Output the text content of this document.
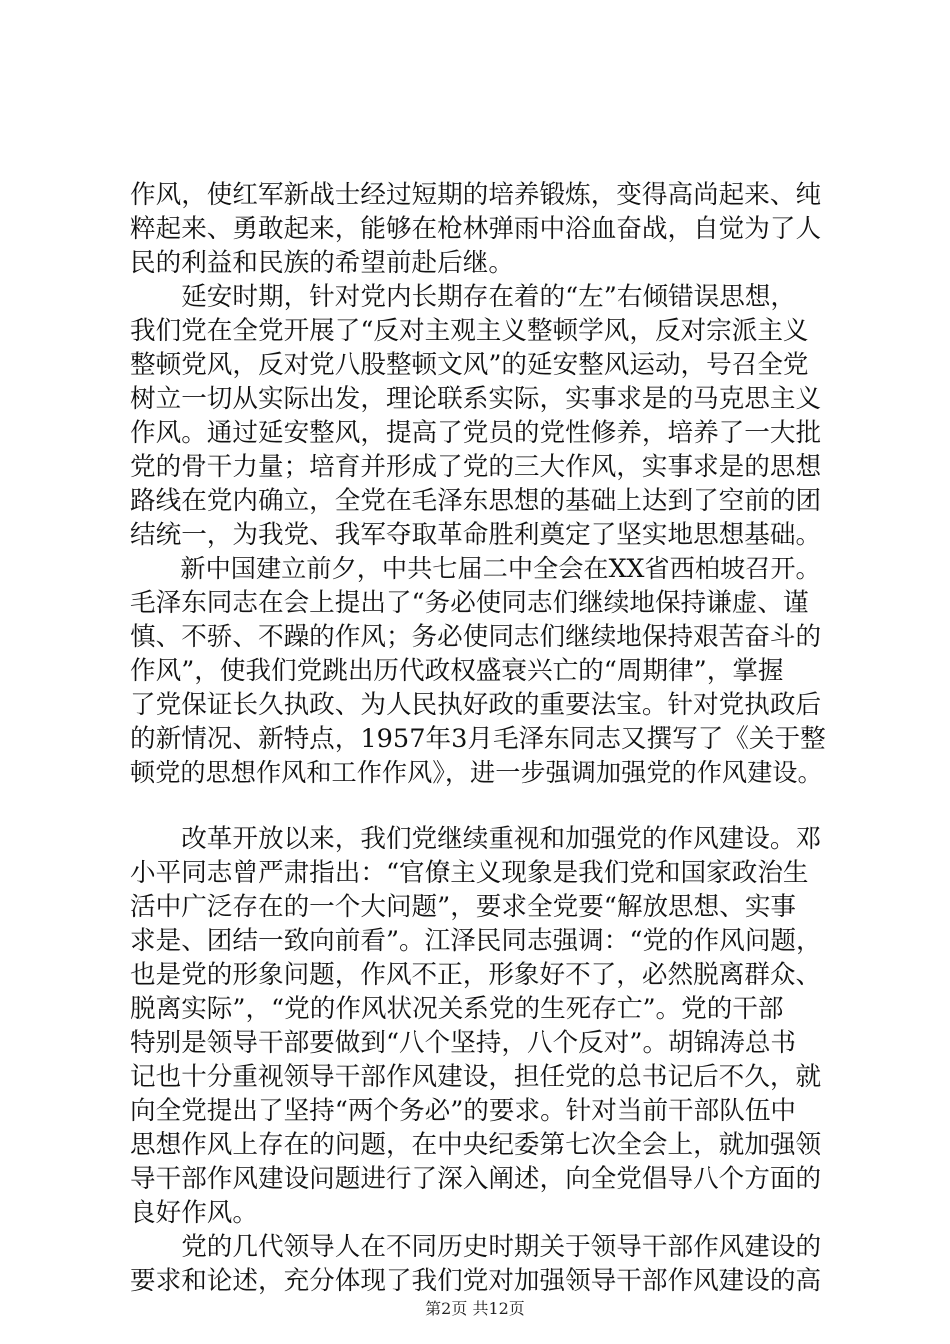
作风，使红军新战士经过短期的培养锻炼，变得高尚起来、纯
粹起来、勇敢起来，能够在枪林弹雨中浴血奋战，自觉为了人
民的利益和民族的希望前赴后继。
　　延安时期，针对党内长期存在着的“左”右倾错误思想，
我们党在全党开展了“反对主观主义整顿学风，反对宗派主义
整顿党风，反对党八股整顿文风”的延安整风运动，号召全党
树立一切从实际出发，理论联系实际，实事求是的马克思主义
作风。通过延安整风，提高了党员的党性修养，培养了一大批
党的骨干力量；培育并形成了党的三大作风，实事求是的思想
路线在党内确立，全党在毛泽东思想的基础上达到了空前的团
结统一，为我党、我军夺取革命胜利奠定了坚实地思想基础。
　　新中国建立前夕，中共七届二中全会在XX省西柏坡召开。
毛泽东同志在会上提出了“务必使同志们继续地保持谦虚、谨
慎、不骄、不躁的作风；务必使同志们继续地保持艰苦奋斗的
作风”，使我们党跳出历代政权盛衰兴亡的“周期律”，掌握
了党保证长久执政、为人民执好政的重要法宝。针对党执政后
的新情况、新特点，1957年3月毛泽东同志又撰写了《关于整
顿党的思想作风和工作作风》，进一步强调加强党的作风建设。
　　改革开放以来，我们党继续重视和加强党的作风建设。邓
小平同志曾严肃指出：“官僚主义现象是我们党和国家政治生
活中广泛存在的一个大问题”，要求全党要“解放思想、实事
求是、团结一致向前看”。江泽民同志强调：“党的作风问题，
也是党的形象问题，作风不正，形象好不了，必然脱离群众、
脱离实际”，“党的作风状况关系党的生死存亡”。党的干部
特别是领导干部要做到“八个坚持，八个反对”。胡锦涛总书
记也十分重视领导干部作风建设，担任党的总书记后不久，就
向全党提出了坚持“两个务必”的要求。针对当前干部队伍中
思想作风上存在的问题，在中央纪委第七次全会上，就加强领
导干部作风建设问题进行了深入阐述，向全党倡导八个方面的
良好作风。
　　党的几代领导人在不同历史时期关于领导干部作风建设的
要求和论述，充分体现了我们党对加强领导干部作风建设的高
第2页 共12页
